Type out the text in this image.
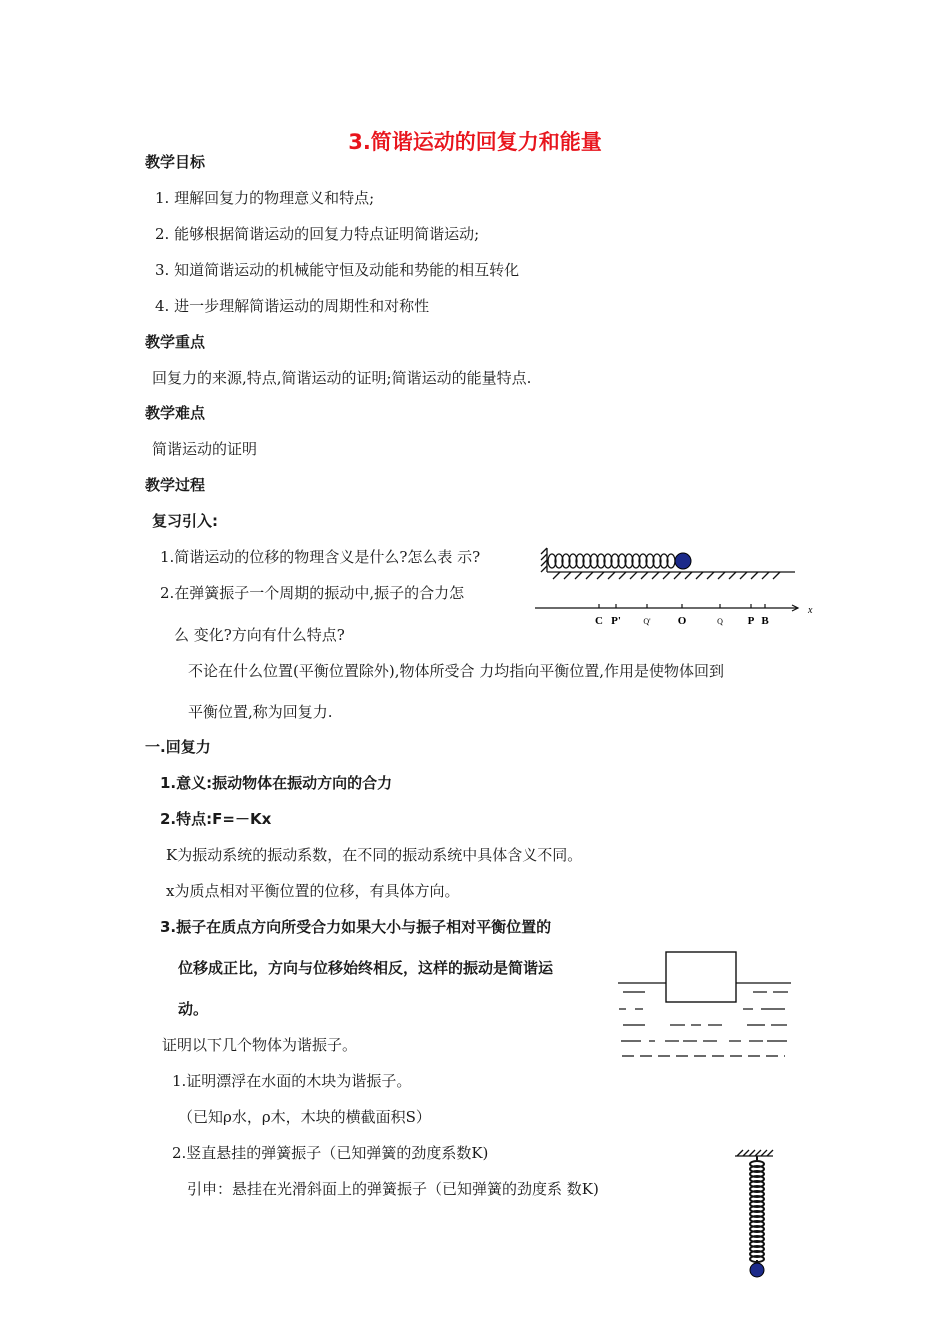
3.简谐运动的回复力和能量
教学目标
1. 理解回复力的物理意义和特点;
2. 能够根据简谐运动的回复力特点证明简谐运动;
3. 知道简谐运动的机械能守恒及动能和势能的相互转化
4. 进一步理解简谐运动的周期性和对称性
教学重点
回复力的来源,特点,简谐运动的证明;简谐运动的能量特点.
教学难点
简谐运动的证明
教学过程
复习引入:
1.简谐运动的位移的物理含义是什么?怎么表 示?
2.在弹簧振子一个周期的振动中,振子的合力怎
么 变化?方向有什么特点?
不论在什么位置(平衡位置除外),物体所受合 力均指向平衡位置,作用是使物体回到
平衡位置,称为回复力.
x
C P'	Q' O	Q P B
一.回复力
1.意义:振动物体在振动方向的合力
2.特点:F=－Kx
K为振动系统的振动系数，在不同的振动系统中具体含义不同。
x为质点相对平衡位置的位移，有具体方向。
3.振子在质点方向所受合力如果大小与振子相对平衡位置的
位移成正比，方向与位移始终相反，这样的振动是简谐运
动。
证明以下几个物体为谐振子。
1.证明漂浮在水面的木块为谐振子。
（已知ρ水，ρ木，木块的横截面积S）
2.竖直悬挂的弹簧振子（已知弹簧的劲度系数K)
引申：悬挂在光滑斜面上的弹簧振子（已知弹簧的劲度系 数K)
